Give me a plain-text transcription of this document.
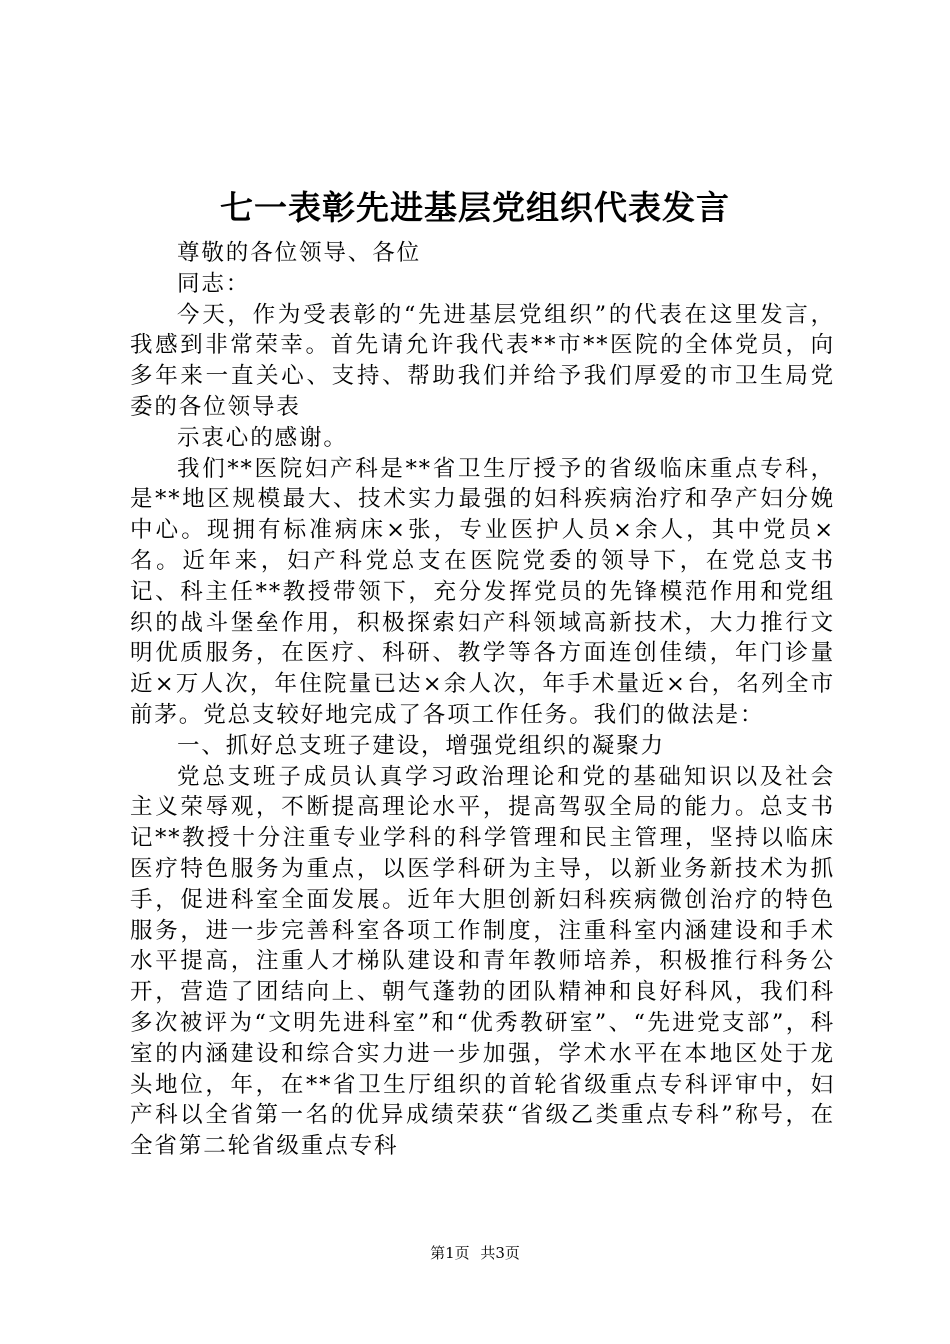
七一表彰先进基层党组织代表发言

尊敬的各位领导、各位

同志：

今天，作为受表彰的“先进基层党组织”的代表在这里发言，我感到非常荣幸。首先请允许我代表**市**医院的全体党员，向多年来一直关心、支持、帮助我们并给予我们厚爱的市卫生局党委的各位领导表

示衷心的感谢。

我们**医院妇产科是**省卫生厅授予的省级临床重点专科，是**地区规模最大、技术实力最强的妇科疾病治疗和孕产妇分娩中心。现拥有标准病床×张，专业医护人员×余人，其中党员×名。近年来，妇产科党总支在医院党委的领导下，在党总支书记、科主任**教授带领下，充分发挥党员的先锋模范作用和党组织的战斗堡垒作用，积极探索妇产科领域高新技术，大力推行文明优质服务，在医疗、科研、教学等各方面连创佳绩，年门诊量近×万人次，年住院量已达×余人次，年手术量近×台，名列全市前茅。党总支较好地完成了各项工作任务。我们的做法是：

一、抓好总支班子建设，增强党组织的凝聚力

党总支班子成员认真学习政治理论和党的基础知识以及社会主义荣辱观，不断提高理论水平，提高驾驭全局的能力。总支书记**教授十分注重专业学科的科学管理和民主管理，坚持以临床医疗特色服务为重点，以医学科研为主导，以新业务新技术为抓手，促进科室全面发展。近年大胆创新妇科疾病微创治疗的特色服务，进一步完善科室各项工作制度，注重科室内涵建设和手术水平提高，注重人才梯队建设和青年教师培养，积极推行科务公开，营造了团结向上、朝气蓬勃的团队精神和良好科风，我们科多次被评为“文明先进科室”和“优秀教研室”、“先进党支部”，科室的内涵建设和综合实力进一步加强，学术水平在本地区处于龙头地位，年，在**省卫生厅组织的首轮省级重点专科评审中，妇产科以全省第一名的优异成绩荣获“省级乙类重点专科”称号，在全省第二轮省级重点专科

第1页 共3页
